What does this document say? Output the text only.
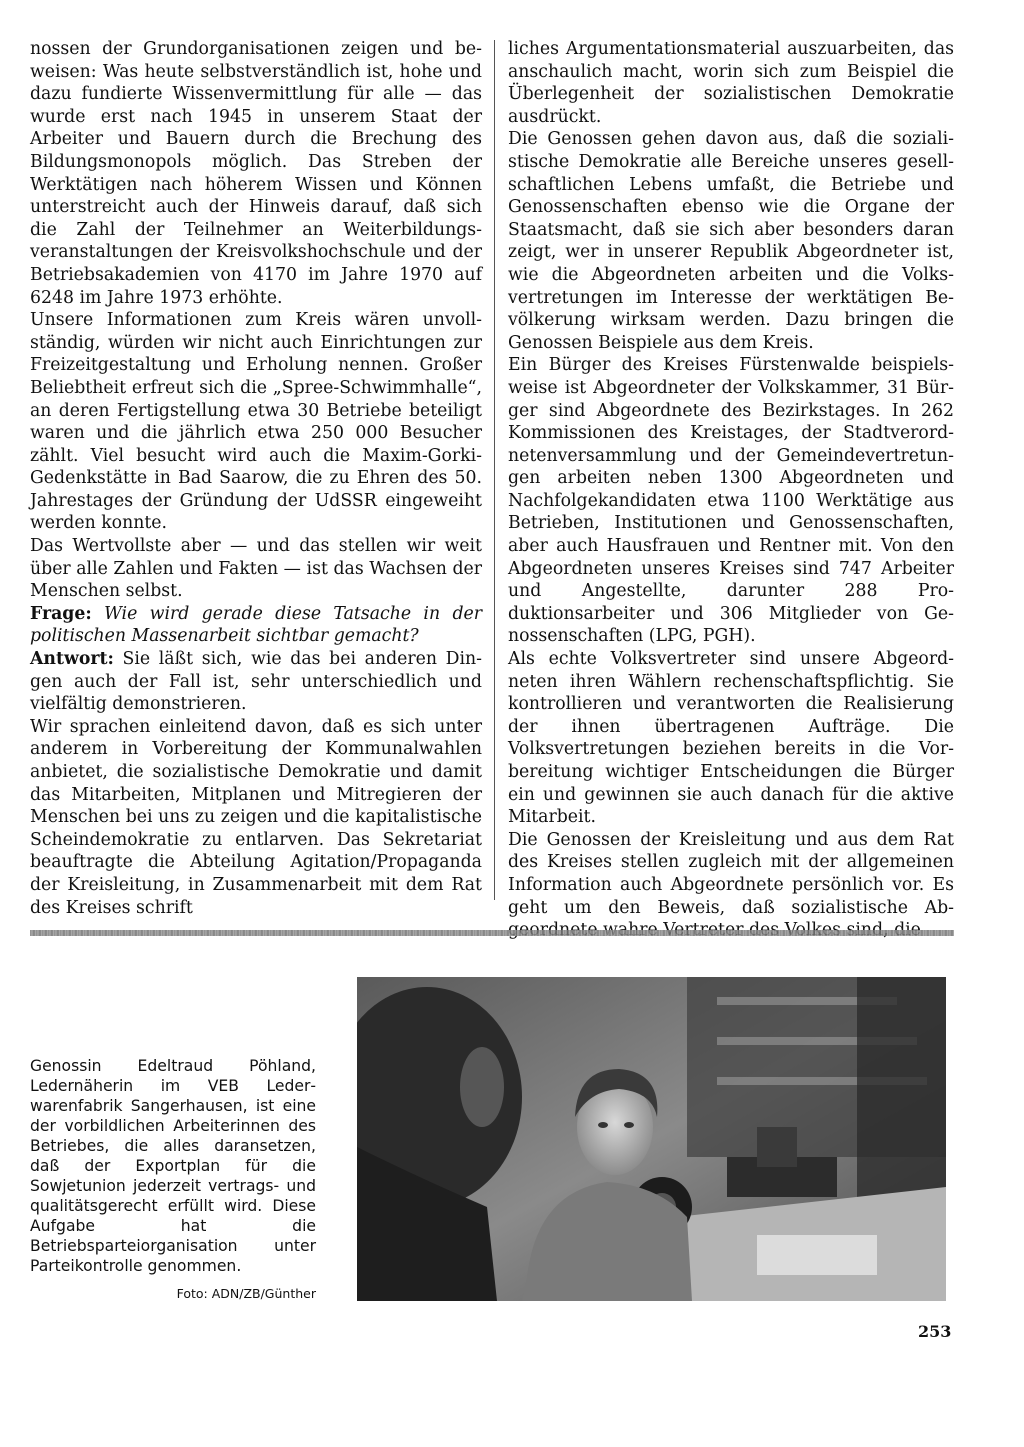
nossen der Grundorganisationen zeigen und beweisen: Was heute selbstverständlich ist, hohe und dazu fundierte Wissenvermittlung für alle — das wurde erst nach 1945 in unserem Staat der Arbeiter und Bauern durch die Brechung des Bildungsmonopols möglich. Das Streben der Werktätigen nach höherem Wissen und Können unterstreicht auch der Hinweis darauf, daß sich die Zahl der Teilnehmer an Weiterbildungsveranstaltungen der Kreisvolkshochschule und der Betriebsakademien von 4170 im Jahre 1970 auf 6248 im Jahre 1973 erhöhte.

Unsere Informationen zum Kreis wären unvollständig, würden wir nicht auch Einrichtungen zur Freizeitgestaltung und Erholung nennen. Großer Beliebtheit erfreut sich die „Spree-Schwimmhalle“, an deren Fertigstellung etwa 30 Betriebe beteiligt waren und die jährlich etwa 250 000 Besucher zählt. Viel besucht wird auch die Maxim-Gorki-Gedenkstätte in Bad Saarow, die zu Ehren des 50. Jahrestages der Gründung der UdSSR eingeweiht werden konnte.

Das Wertvollste aber — und das stellen wir weit über alle Zahlen und Fakten — ist das Wachsen der Menschen selbst.

Frage: Wie wird gerade diese Tatsache in der politischen Massenarbeit sichtbar gemacht?

Antwort: Sie läßt sich, wie das bei anderen Dingen auch der Fall ist, sehr unterschiedlich und vielfältig demonstrieren.

Wir sprachen einleitend davon, daß es sich unter anderem in Vorbereitung der Kommunalwahlen anbietet, die sozialistische Demokratie und damit das Mitarbeiten, Mitplanen und Mitregieren der Menschen bei uns zu zeigen und die kapitalistische Scheindemokratie zu entlarven. Das Sekretariat beauftragte die Abteilung Agitation/Propaganda der Kreisleitung, in Zusammenarbeit mit dem Rat des Kreises schrift

liches Argumentationsmaterial auszuarbeiten, das anschaulich macht, worin sich zum Beispiel die Überlegenheit der sozialistischen Demokratie ausdrückt.

Die Genossen gehen davon aus, daß die sozialistische Demokratie alle Bereiche unseres gesellschaftlichen Lebens umfaßt, die Betriebe und Genossenschaften ebenso wie die Organe der Staatsmacht, daß sie sich aber besonders daran zeigt, wer in unserer Republik Abgeordneter ist, wie die Abgeordneten arbeiten und die Volksvertretungen im Interesse der werktätigen Bevölkerung wirksam werden. Dazu bringen die Genossen Beispiele aus dem Kreis.

Ein Bürger des Kreises Fürstenwalde beispielsweise ist Abgeordneter der Volkskammer, 31 Bürger sind Abgeordnete des Bezirkstages. In 262 Kommissionen des Kreistages, der Stadtverordnetenversammlung und der Gemeindevertretungen arbeiten neben 1300 Abgeordneten und Nachfolgekandidaten etwa 1100 Werktätige aus Betrieben, Institutionen und Genossenschaften, aber auch Hausfrauen und Rentner mit. Von den Abgeordneten unseres Kreises sind 747 Arbeiter und Angestellte, darunter 288 Produktionsarbeiter und 306 Mitglieder von Genossenschaften (LPG, PGH).

Als echte Volksvertreter sind unsere Abgeordneten ihren Wählern rechenschaftspflichtig. Sie kontrollieren und verantworten die Realisierung der ihnen übertragenen Aufträge. Die Volksvertretungen beziehen bereits in die Vorbereitung wichtiger Entscheidungen die Bürger ein und gewinnen sie auch danach für die aktive Mitarbeit.

Die Genossen der Kreisleitung und aus dem Rat des Kreises stellen zugleich mit der allgemeinen Information auch Abgeordnete persönlich vor. Es geht um den Beweis, daß sozialistische Ab

Genossin Edeltraud Pöhland, Ledernäherin im VEB Lederwarenfabrik Sangerhausen, ist eine der vorbildlichen Arbeiterinnen des Betriebes, die alles daransetzen, daß der Exportplan für die Sowjetunion jederzeit vertrags- und qualitätsgerecht erfüllt wird. Diese Aufgabe hat die Betriebsparteiorganisation unter Parteikontrolle genommen.
Foto: ADN/ZB/Günther
253
